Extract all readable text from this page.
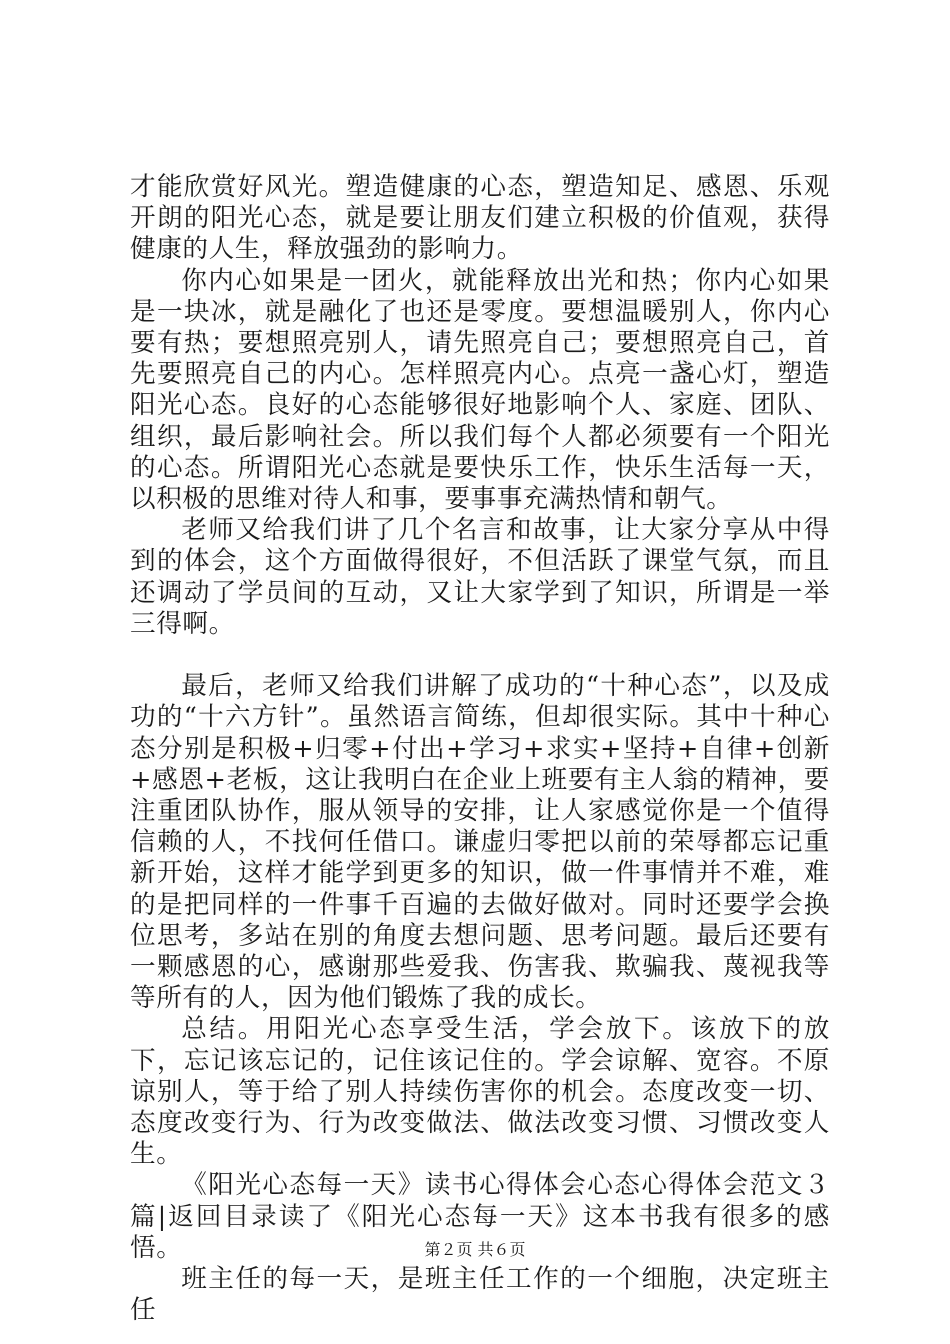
才能欣赏好风光。塑造健康的心态，塑造知足、感恩、乐观开朗的阳光心态，就是要让朋友们建立积极的价值观，获得健康的人生，释放强劲的影响力。

你内心如果是一团火，就能释放出光和热；你内心如果是一块冰，就是融化了也还是零度。要想温暖别人，你内心要有热；要想照亮别人，请先照亮自己；要想照亮自己，首先要照亮自己的内心。怎样照亮内心。点亮一盏心灯，塑造阳光心态。良好的心态能够很好地影响个人、家庭、团队、组织，最后影响社会。所以我们每个人都必须要有一个阳光的心态。所谓阳光心态就是要快乐工作，快乐生活每一天，以积极的思维对待人和事，要事事充满热情和朝气。

老师又给我们讲了几个名言和故事，让大家分享从中得到的体会，这个方面做得很好，不但活跃了课堂气氛，而且还调动了学员间的互动，又让大家学到了知识，所谓是一举三得啊。

最后，老师又给我们讲解了成功的“十种心态”，以及成功的“十六方针”。虽然语言简练，但却很实际。其中十种心态分别是积极+归零+付出+学习+求实+坚持+自律+创新+感恩+老板，这让我明白在企业上班要有主人翁的精神，要注重团队协作，服从领导的安排，让人家感觉你是一个值得信赖的人，不找何任借口。谦虚归零把以前的荣辱都忘记重新开始，这样才能学到更多的知识，做一件事情并不难，难的是把同样的一件事千百遍的去做好做对。同时还要学会换位思考，多站在别的角度去想问题、思考问题。最后还要有一颗感恩的心，感谢那些爱我、伤害我、欺骗我、蔑视我等等所有的人，因为他们锻炼了我的成长。

总结。用阳光心态享受生活，学会放下。该放下的放下，忘记该忘记的，记住该记住的。学会谅解、宽容。不原谅别人，等于给了别人持续伤害你的机会。态度改变一切、态度改变行为、行为改变做法、做法改变习惯、习惯改变人生。

《阳光心态每一天》读书心得体会心态心得体会范文３篇|返回目录读了《阳光心态每一天》这本书我有很多的感悟。

班主任的每一天，是班主任工作的一个细胞，决定班主任

第２页 共６页
